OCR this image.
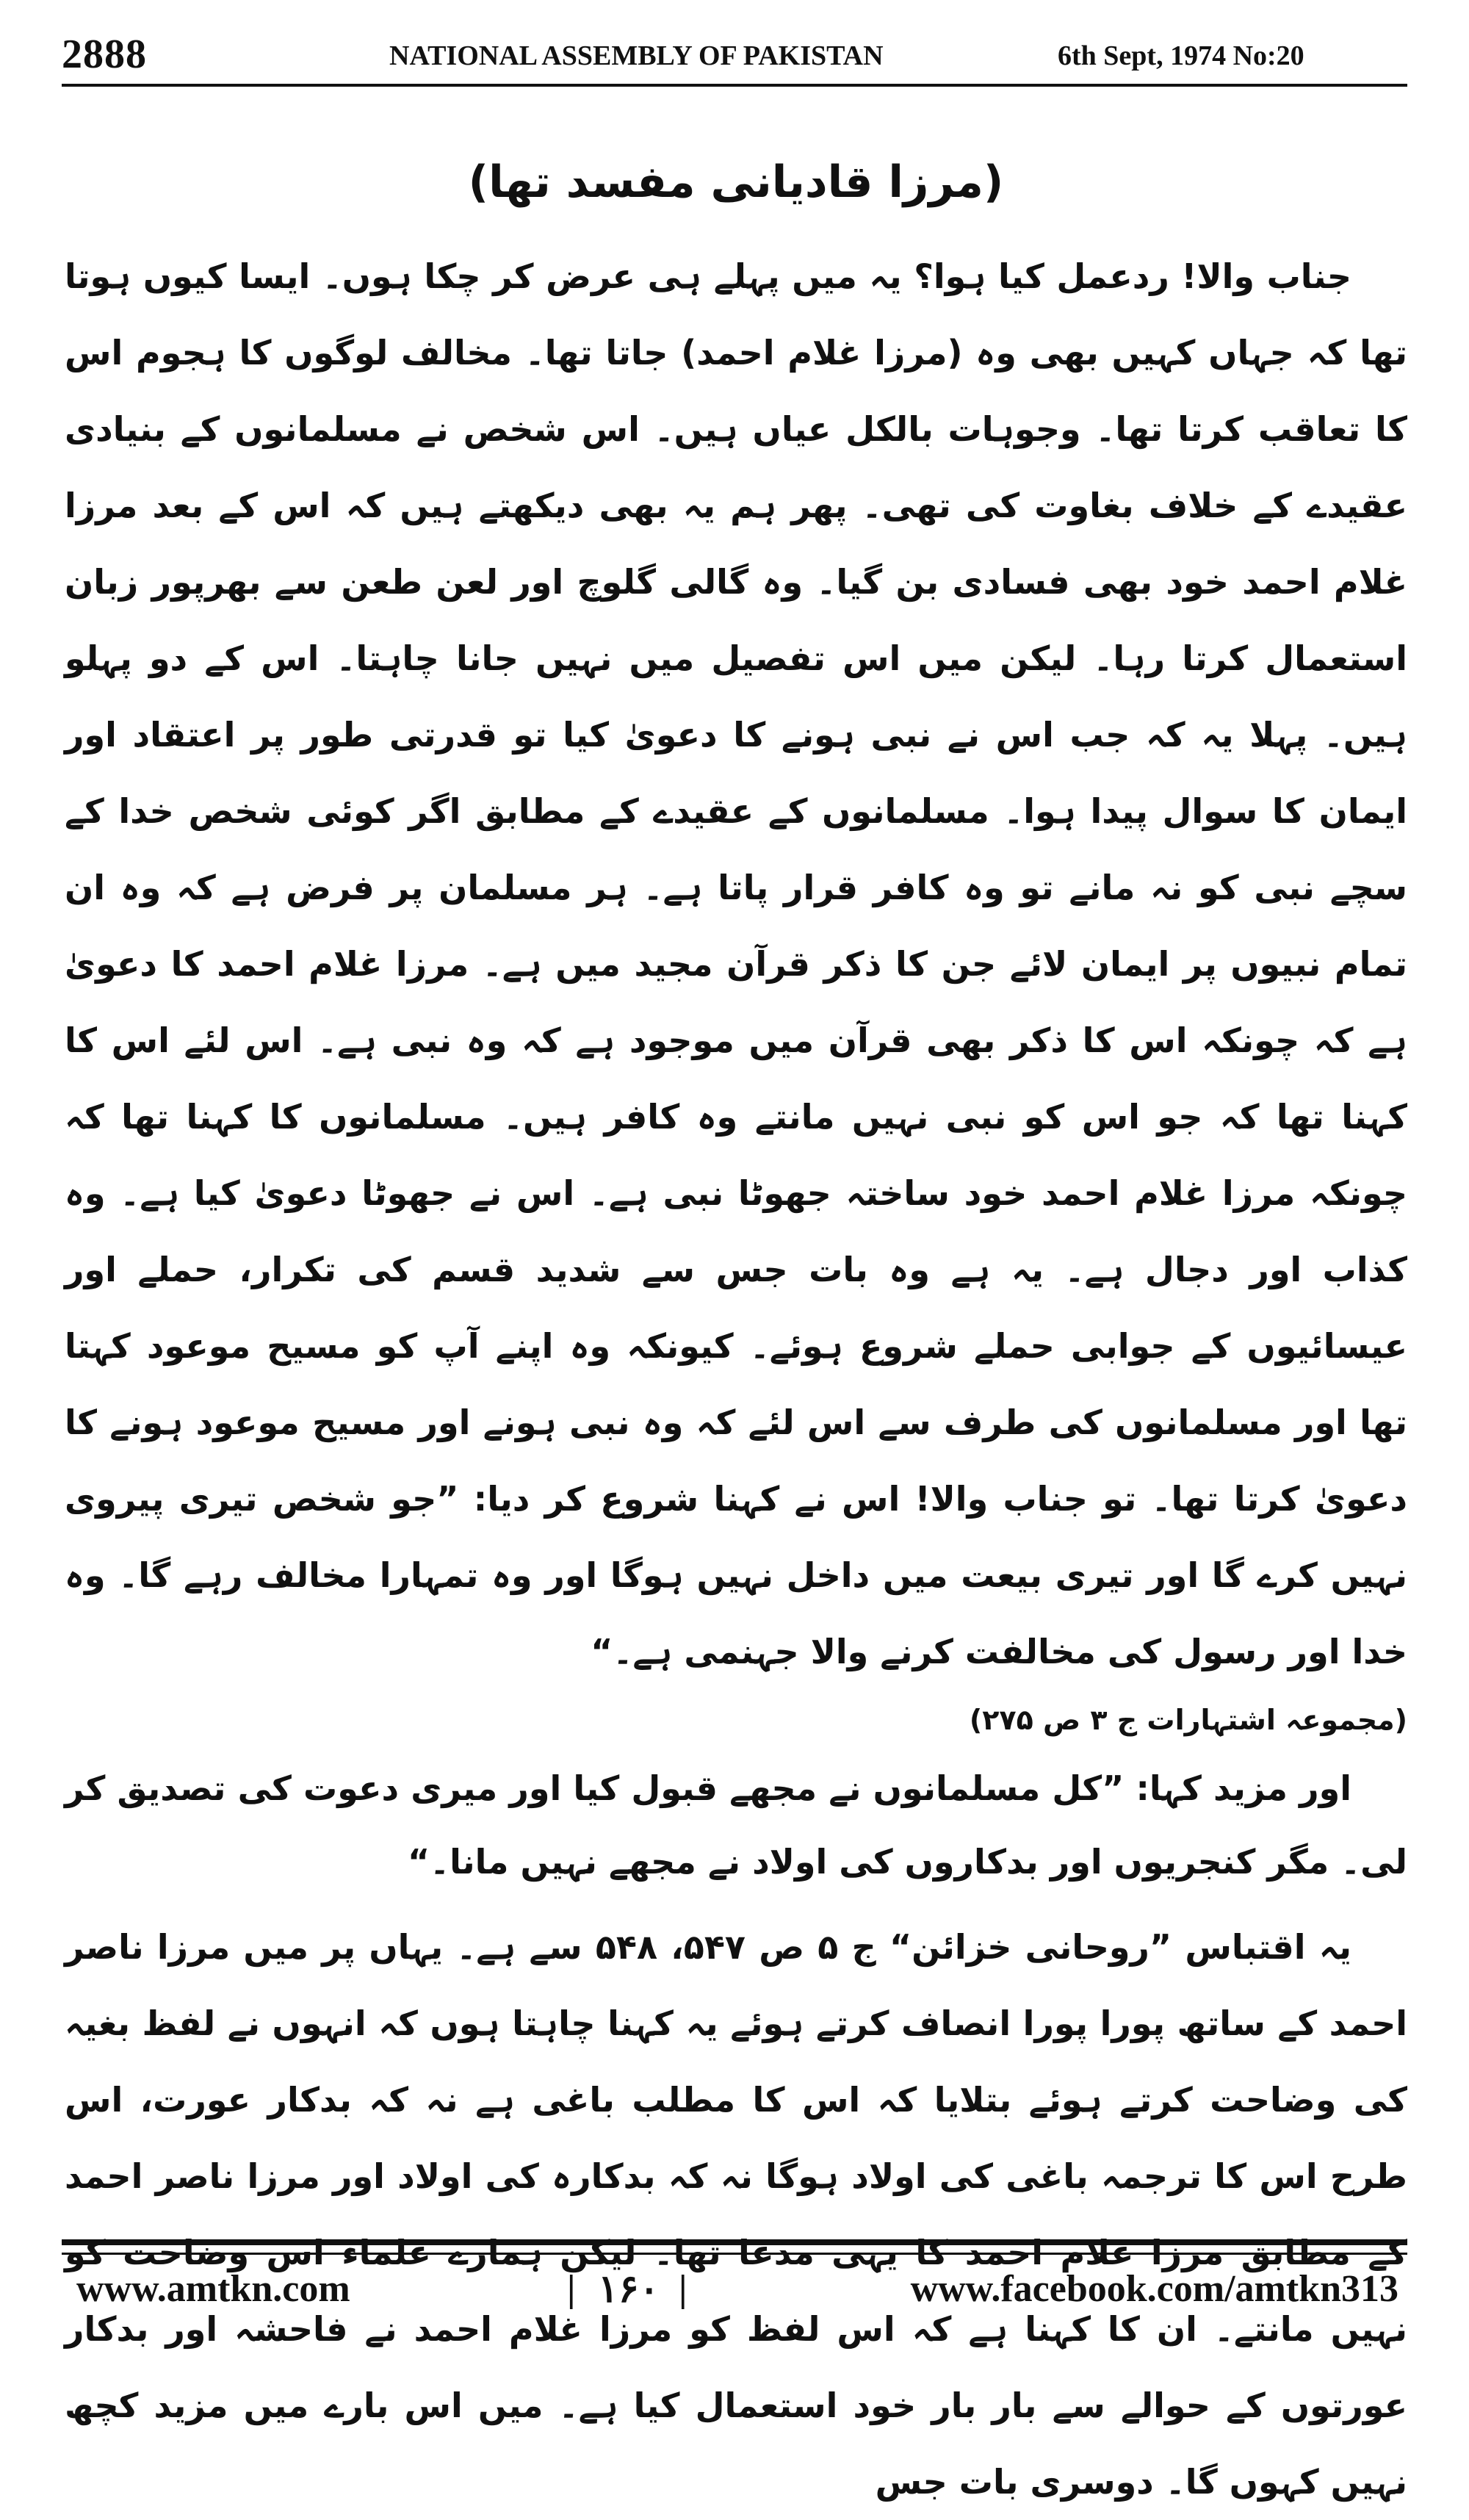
2888	NATIONAL ASSEMBLY OF PAKISTAN	6th Sept, 1974 No:20
(مرزا قادیانی مفسد تھا)

جناب والا! ردعمل کیا ہوا؟ یہ میں پہلے ہی عرض کر چکا ہوں۔ ایسا کیوں ہوتا تھا کہ جہاں کہیں بھی وہ (مرزا غلام احمد) جاتا تھا۔ مخالف لوگوں کا ہجوم اس کا تعاقب کرتا تھا۔ وجوہات بالکل عیاں ہیں۔ اس شخص نے مسلمانوں کے بنیادی عقیدے کے خلاف بغاوت کی تھی۔ پھر ہم یہ بھی دیکھتے ہیں کہ اس کے بعد مرزا غلام احمد خود بھی فسادی بن گیا۔ وہ گالی گلوچ اور لعن طعن سے بھرپور زبان استعمال کرتا رہا۔ لیکن میں اس تفصیل میں نہیں جانا چاہتا۔ اس کے دو پہلو ہیں۔ پہلا یہ کہ جب اس نے نبی ہونے کا دعویٰ کیا تو قدرتی طور پر اعتقاد اور ایمان کا سوال پیدا ہوا۔ مسلمانوں کے عقیدے کے مطابق اگر کوئی شخص خدا کے سچے نبی کو نہ مانے تو وہ کافر قرار پاتا ہے۔ ہر مسلمان پر فرض ہے کہ وہ ان تمام نبیوں پر ایمان لائے جن کا ذکر قرآن مجید میں ہے۔ مرزا غلام احمد کا دعویٰ ہے کہ چونکہ اس کا ذکر بھی قرآن میں موجود ہے کہ وہ نبی ہے۔ اس لئے اس کا کہنا تھا کہ جو اس کو نبی نہیں مانتے وہ کافر ہیں۔ مسلمانوں کا کہنا تھا کہ چونکہ مرزا غلام احمد خود ساختہ جھوٹا نبی ہے۔ اس نے جھوٹا دعویٰ کیا ہے۔ وہ کذاب اور دجال ہے۔ یہ ہے وہ بات جس سے شدید قسم کی تکرار، حملے اور عیسائیوں کے جوابی حملے شروع ہوئے۔ کیونکہ وہ اپنے آپ کو مسیح موعود کہتا تھا اور مسلمانوں کی طرف سے اس لئے کہ وہ نبی ہونے اور مسیح موعود ہونے کا دعویٰ کرتا تھا۔ تو جناب والا! اس نے کہنا شروع کر دیا: ”جو شخص تیری پیروی نہیں کرے گا اور تیری بیعت میں داخل نہیں ہوگا اور وہ تمہارا مخالف رہے گا۔ وہ خدا اور رسول کی مخالفت کرنے والا جہنمی ہے۔“

(مجموعہ اشتہارات ج ۳ ص ۲۷۵)

اور مزید کہا: ”کل مسلمانوں نے مجھے قبول کیا اور میری دعوت کی تصدیق کر لی۔ مگر کنجریوں اور بدکاروں کی اولاد نے مجھے نہیں مانا۔“

یہ اقتباس ”روحانی خزائن“ ج ۵ ص ۵۴۷، ۵۴۸ سے ہے۔ یہاں پر میں مرزا ناصر احمد کے ساتھ پورا پورا انصاف کرتے ہوئے یہ کہنا چاہتا ہوں کہ انہوں نے لفظ بغیہ کی وضاحت کرتے ہوئے بتلایا کہ اس کا مطلب باغی ہے نہ کہ بدکار عورت، اس طرح اس کا ترجمہ باغی کی اولاد ہوگا نہ کہ بدکارہ کی اولاد اور مرزا ناصر احمد کے مطابق مرزا غلام احمد کا یہی مدعا تھا۔ لیکن ہمارے علماء اس وضاحت کو نہیں مانتے۔ ان کا کہنا ہے کہ اس لفظ کو مرزا غلام احمد نے فاحشہ اور بدکار عورتوں کے حوالے سے بار بار خود استعمال کیا ہے۔ میں اس بارے میں مزید کچھ نہیں کہوں گا۔ دوسری بات جس

www.amtkn.com	| ۱۶۰ |	www.facebook.com/amtkn313
